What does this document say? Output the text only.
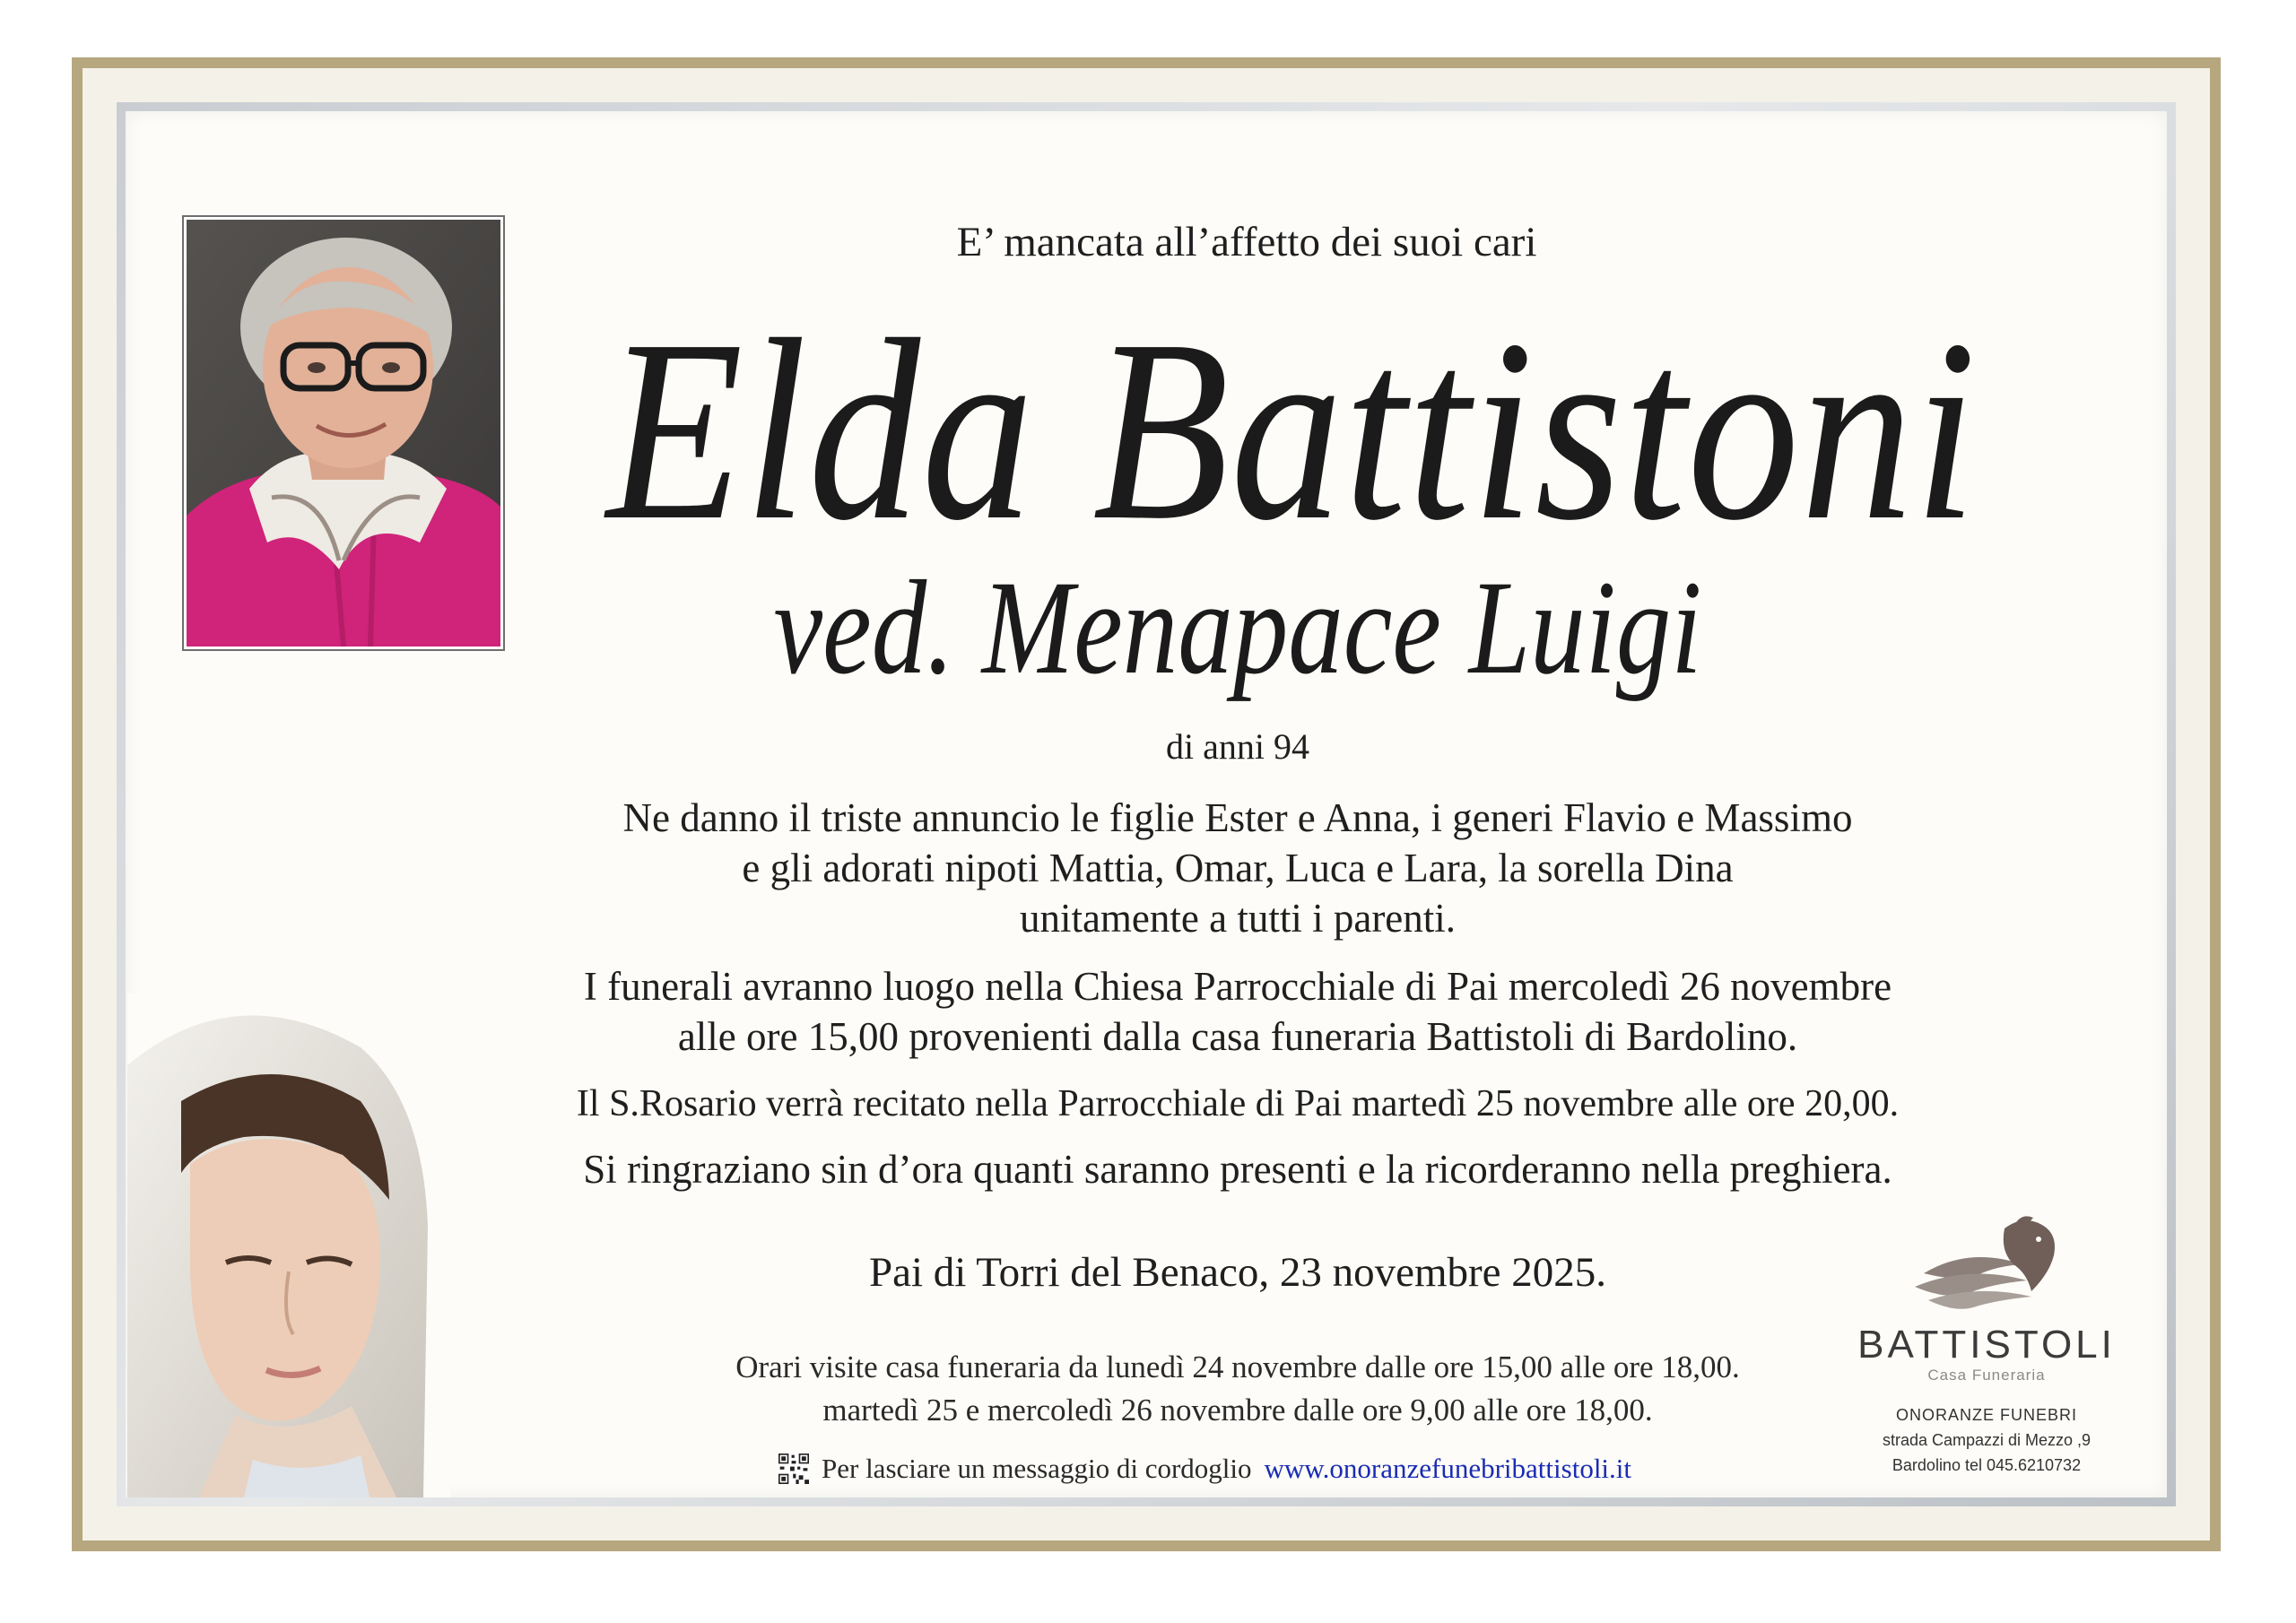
E’ mancata all’affetto dei suoi cari
Elda Battistoni
ved. Menapace Luigi
di anni 94
Ne danno il triste annuncio le figlie Ester e Anna, i generi Flavio e Massimo
e gli adorati nipoti Mattia, Omar, Luca e Lara, la sorella Dina
unitamente a tutti i parenti.
I funerali avranno luogo nella Chiesa Parrocchiale di Pai mercoledì 26 novembre
alle ore 15,00 provenienti dalla casa funeraria Battistoli di Bardolino.
Il S.Rosario verrà recitato nella Parrocchiale di Pai martedì 25 novembre alle ore 20,00.
Si ringraziano sin d’ora quanti saranno presenti e la ricorderanno nella preghiera.
Pai di Torri del Benaco, 23 novembre 2025.
Orari visite casa funeraria da lunedì 24 novembre dalle ore 15,00 alle ore 18,00.
martedì 25 e mercoledì 26 novembre dalle ore 9,00 alle ore 18,00.
Per lasciare un messaggio di cordoglio www.onoranzefunebribattistoli.it
BATTISTOLI
Casa Funeraria
ONORANZE FUNEBRI
strada Campazzi di Mezzo ,9
Bardolino tel 045.6210732
